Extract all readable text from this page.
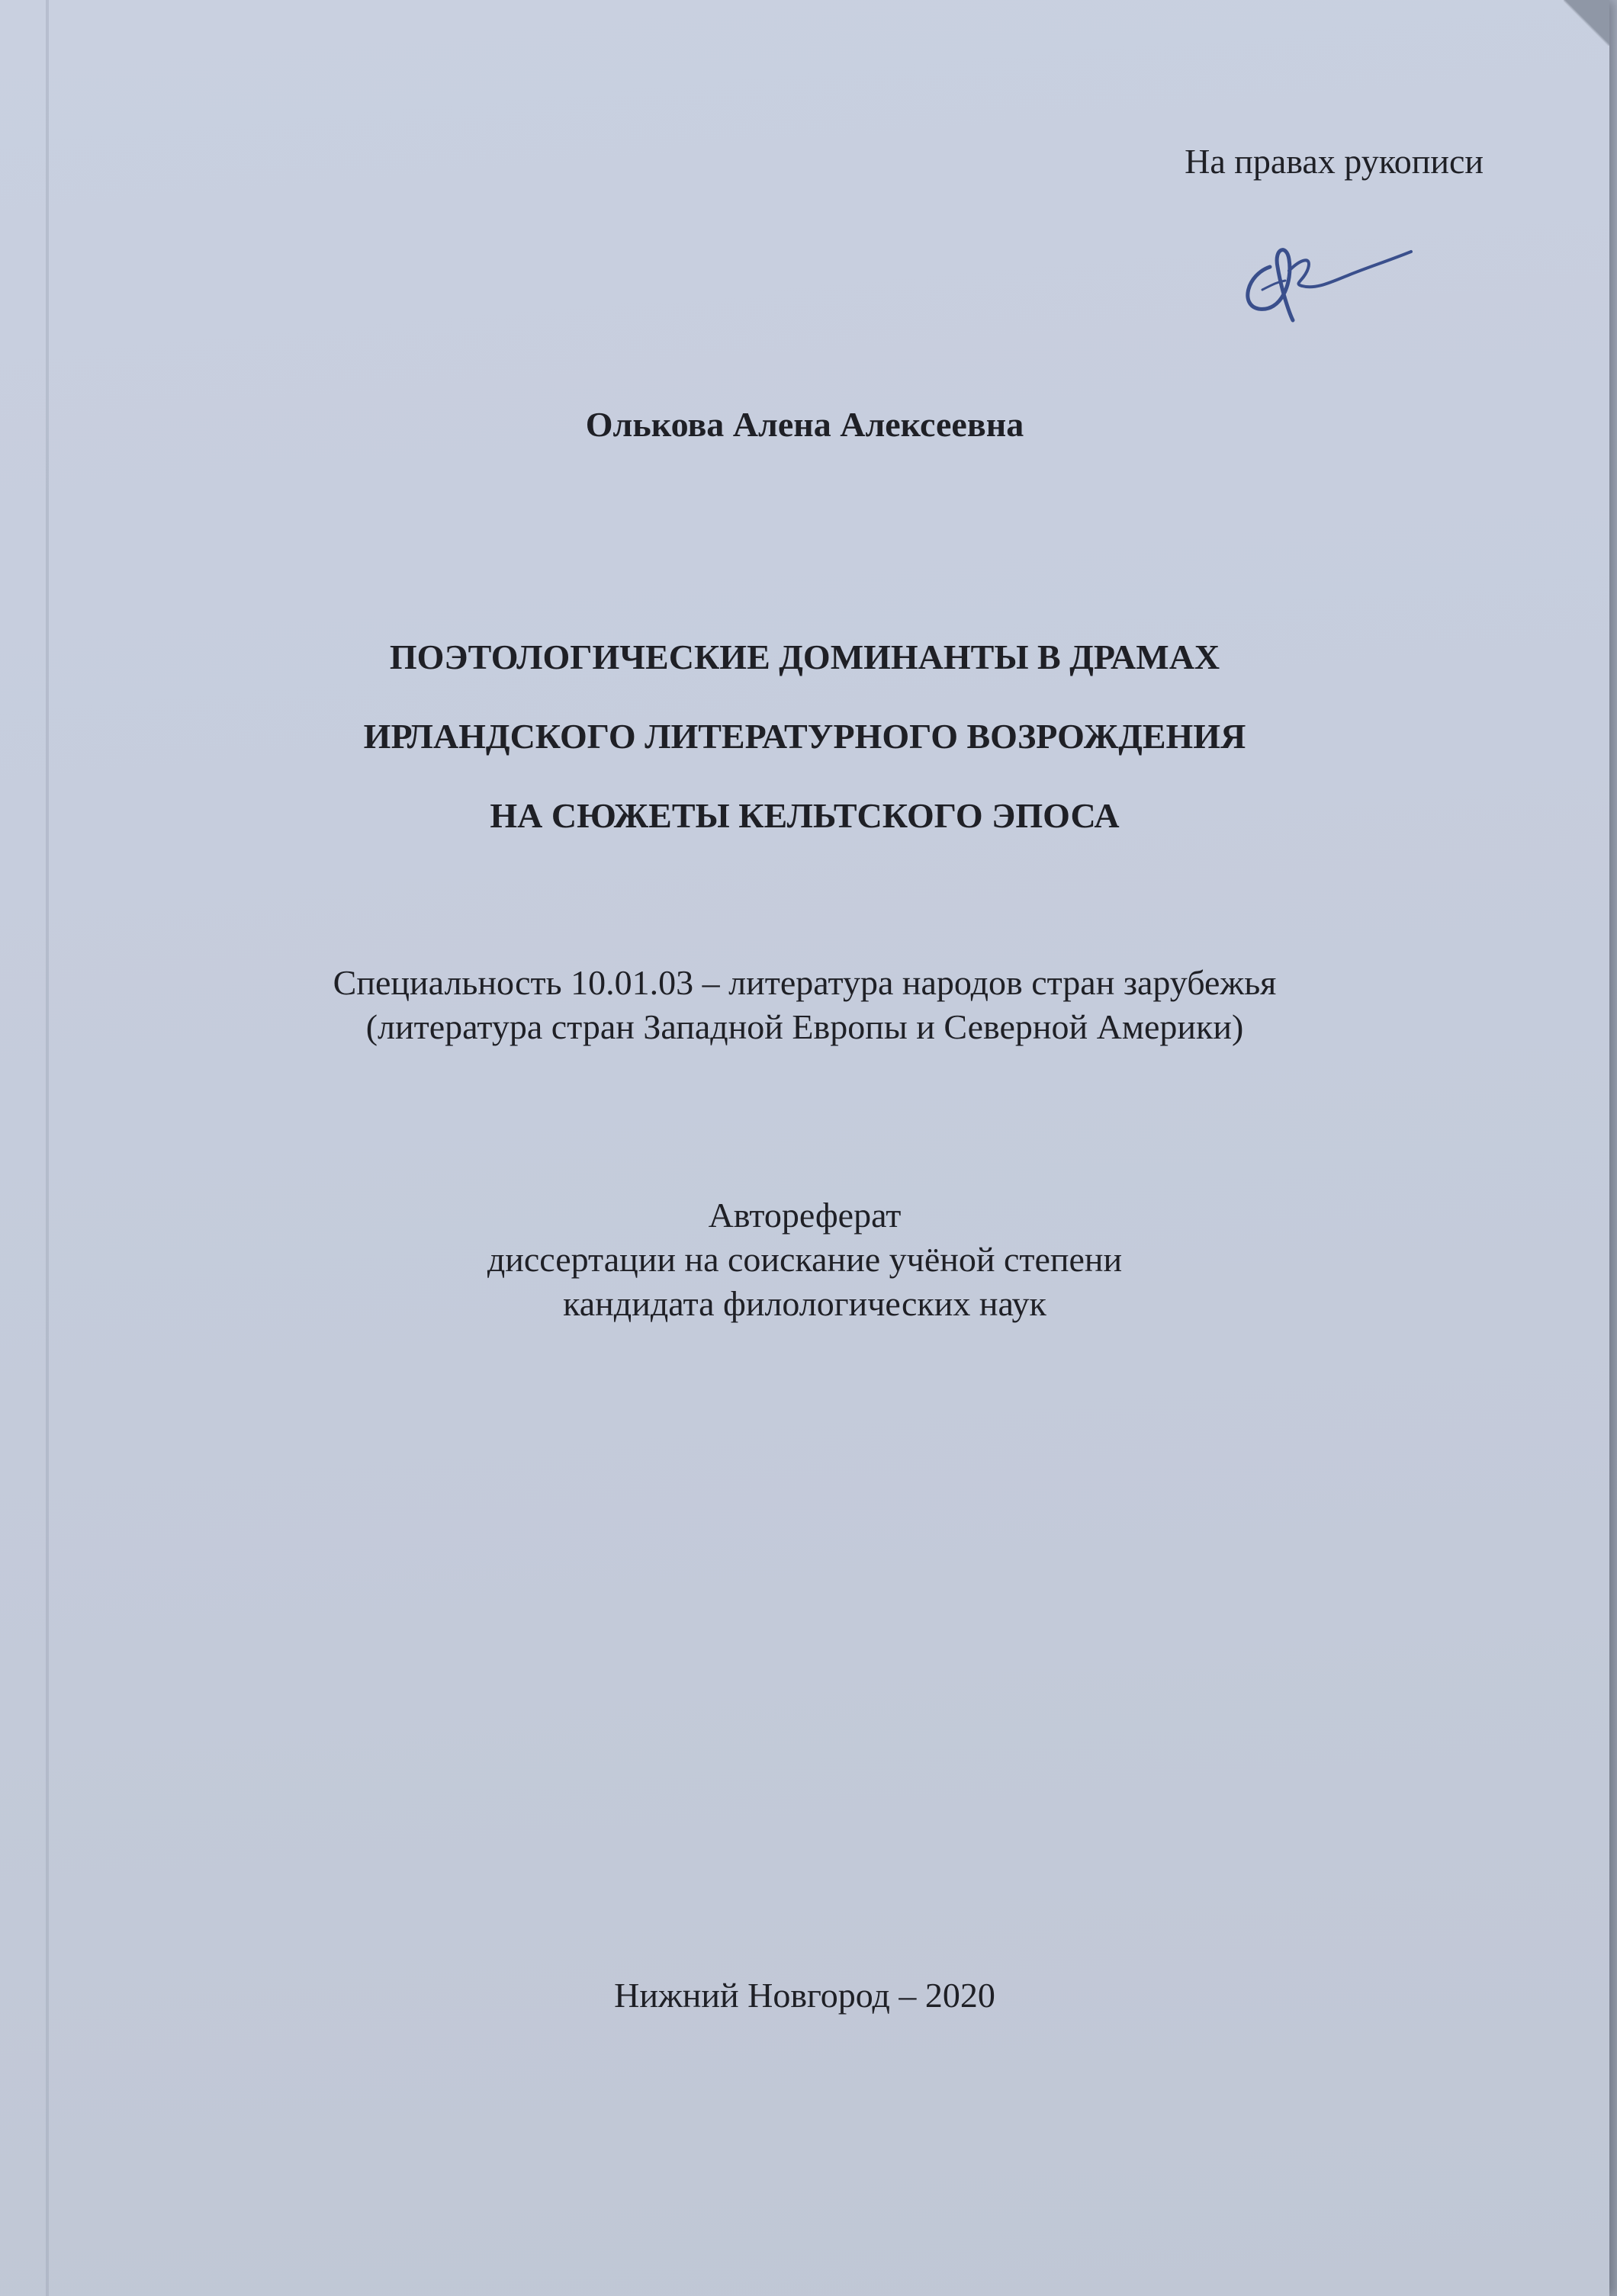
На правах рукописи
Олькова Алена Алексеевна
ПОЭТОЛОГИЧЕСКИЕ ДОМИНАНТЫ В ДРАМАХ
ИРЛАНДСКОГО ЛИТЕРАТУРНОГО ВОЗРОЖДЕНИЯ
НА СЮЖЕТЫ КЕЛЬТСКОГО ЭПОСА
Специальность 10.01.03 – литература народов стран зарубежья
(литература стран Западной Европы и Северной Америки)
Автореферат
диссертации на соискание учёной степени
кандидата филологических наук
Нижний Новгород – 2020
